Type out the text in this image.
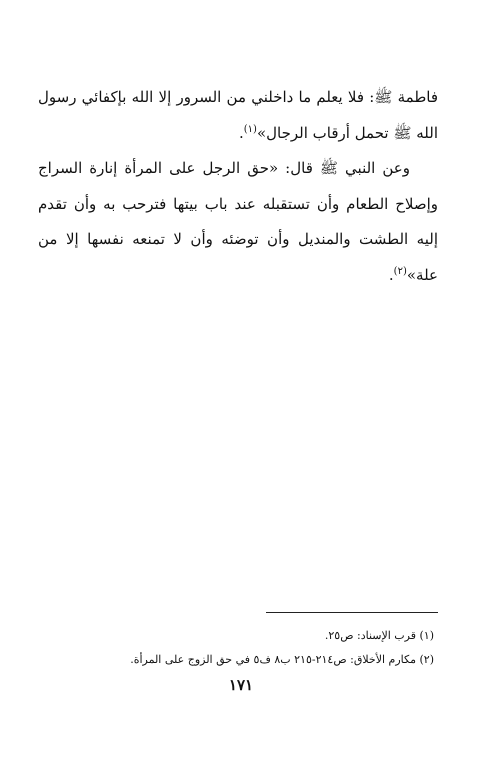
فاطمة ﷺ: فلا يعلم ما داخلني من السرور إلا الله بإكفائي رسول الله ﷺ تحمل أرقاب الرجال»$^{(١)}$.

وعن النبي ﷺ قال: «حق الرجل على المرأة إنارة السراج وإصلاح الطعام وأن تستقبله عند باب بيتها فترحب به وأن تقدم إليه الطشت والمنديل وأن توضئه وأن لا تمنعه نفسها إلا من علة»$^{(٢)}$.

(١) قرب الإسناد: ص٢٥.

(٢) مكارم الأخلاق: ص٢١٤-٢١٥ ب٨ ف٥ في حق الزوج على المرأة.

١٧١
